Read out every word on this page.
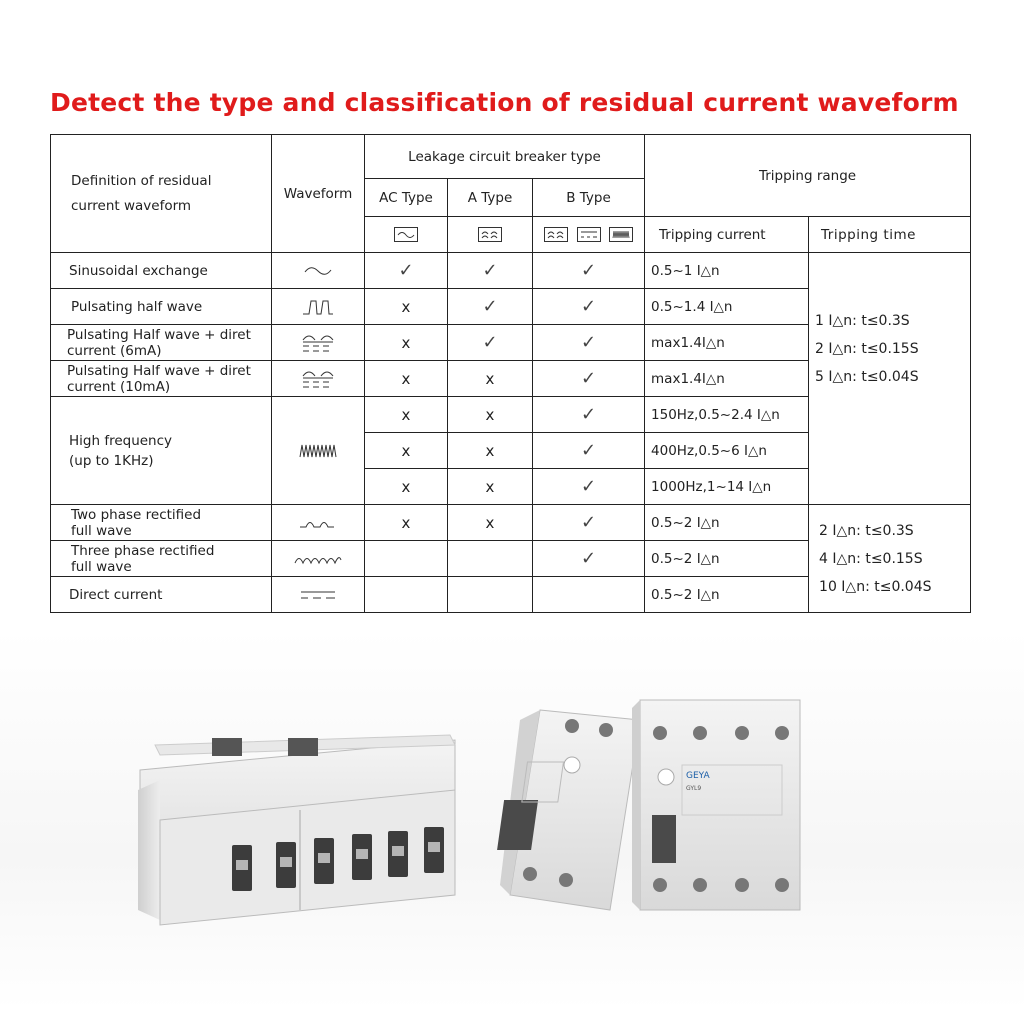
Detect the type and classification of residual current waveform
Definition of residual current waveform	Waveform	Leakage circuit breaker type			Tripping range	
		AC Type	A Type	B Type		

	Tripping current	Tripping time

Sinusoidal exchange		✓	✓	✓	0.5~1 I△n	1 I△n: t≤0.3S
2 I△n: t≤0.15S
5 I△n: t≤0.04S

Pulsating half wave		x	✓	✓	0.5~1.4 I△n	

Pulsating Half wave + diret current (6mA)		x	✓	✓	max1.4I△n	

Pulsating Half wave + diret current (10mA)		x	x	✓	max1.4I△n	

High frequency (up to 1KHz)		x	x	✓	150Hz,0.5~2.4 I△n	
		x	x	✓	400Hz,0.5~6 I△n	
		x	x	✓	1000Hz,1~14 I△n	

Two phase rectified full wave		x	x	✓	0.5~2 I△n	2 I△n: t≤0.3S
4 I△n: t≤0.15S
10 I△n: t≤0.04S

Three phase rectified full wave				✓	0.5~2 I△n	

Direct current					0.5~2 I△n	
GEYA
GYL9
